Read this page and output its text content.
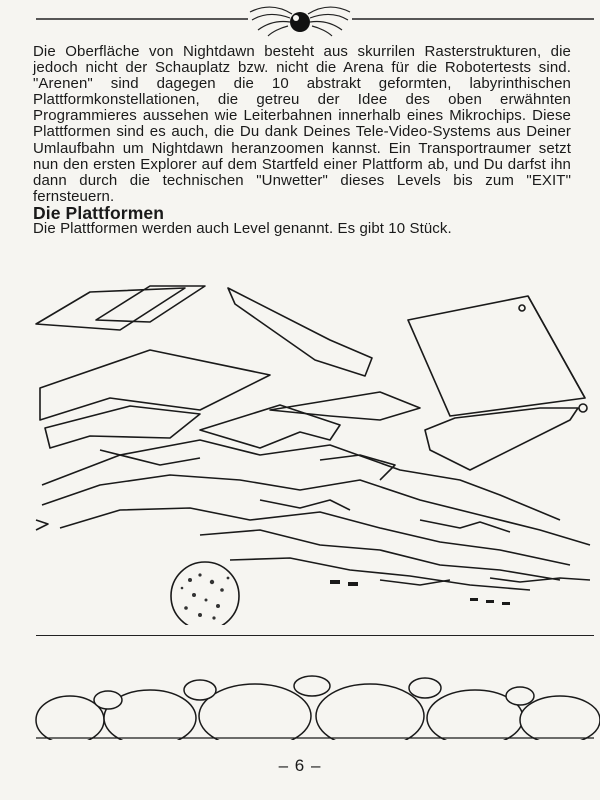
Die Oberfläche von Nightdawn besteht aus skurrilen Rasterstrukturen, die jedoch nicht der Schauplatz bzw. nicht die Arena für die Robotertests sind. "Arenen" sind dagegen die 10 abstrakt geformten, labyrinthischen Plattformkonstellationen, die getreu der Idee des oben erwähnten Programmieres aussehen wie Leiterbahnen innerhalb eines Mikrochips. Diese Plattformen sind es auch, die Du dank Deines Tele-Video-Systems aus Deiner Umlaufbahn um Nightdawn heranzoomen kannst. Ein Transportraumer setzt nun den ersten Explorer auf dem Startfeld einer Plattform ab, und Du darfst ihn dann durch die technischen "Unwetter" dieses Levels bis zum "EXIT" fernsteuern.

Die Plattformen

Die Plattformen werden auch Level genannt. Es gibt 10 Stück.

– 6 –
